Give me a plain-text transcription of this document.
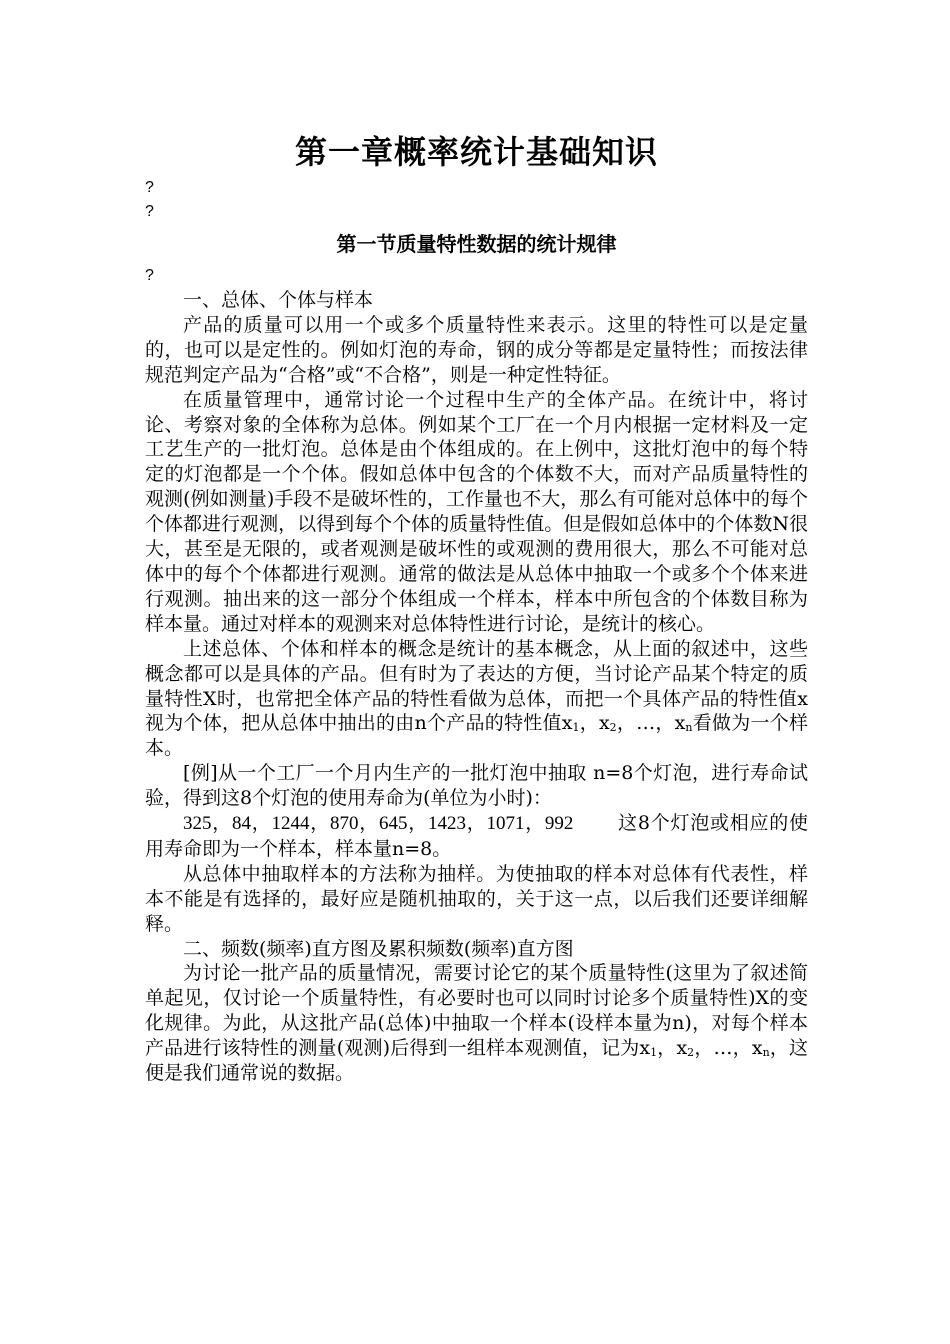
第一章概率统计基础知识

?

?

第一节质量特性数据的统计规律

?

一、总体、个体与样本

产品的质量可以用一个或多个质量特性来表示。这里的特性可以是定量的，也可以是定性的。例如灯泡的寿命，钢的成分等都是定量特性；而按法律规范判定产品为“合格”或“不合格”，则是一种定性特征。

在质量管理中，通常讨论一个过程中生产的全体产品。在统计中，将讨论、考察对象的全体称为总体。例如某个工厂在一个月内根据一定材料及一定工艺生产的一批灯泡。总体是由个体组成的。在上例中，这批灯泡中的每个特定的灯泡都是一个个体。假如总体中包含的个体数不大，而对产品质量特性的观测(例如测量)手段不是破坏性的，工作量也不大，那么有可能对总体中的每个个体都进行观测，以得到每个个体的质量特性值。但是假如总体中的个体数N很大，甚至是无限的，或者观测是破坏性的或观测的费用很大，那么不可能对总体中的每个个体都进行观测。通常的做法是从总体中抽取一个或多个个体来进行观测。抽出来的这一部分个体组成一个样本，样本中所包含的个体数目称为样本量。通过对样本的观测来对总体特性进行讨论，是统计的核心。

上述总体、个体和样本的概念是统计的基本概念，从上面的叙述中，这些概念都可以是具体的产品。但有时为了表达的方便，当讨论产品某个特定的质量特性X时，也常把全体产品的特性看做为总体，而把一个具体产品的特性值x视为个体，把从总体中抽出的由n个产品的特性值$x_1$，$x_2$，…，$x_n$看做为一个样本。

[例]从一个工厂一个月内生产的一批灯泡中抽取 n=8个灯泡，进行寿命试验，得到这8个灯泡的使用寿命为(单位为小时)：

325，84，1244，870，645，1423，1071，992 这8个灯泡或相应的使用寿命即为一个样本，样本量n=8。

从总体中抽取样本的方法称为抽样。为使抽取的样本对总体有代表性，样本不能是有选择的，最好应是随机抽取的，关于这一点，以后我们还要详细解释。

二、频数(频率)直方图及累积频数(频率)直方图

为讨论一批产品的质量情况，需要讨论它的某个质量特性(这里为了叙述简单起见，仅讨论一个质量特性，有必要时也可以同时讨论多个质量特性)X的变化规律。为此，从这批产品(总体)中抽取一个样本(设样本量为n)，对每个样本产品进行该特性的测量(观测)后得到一组样本观测值，记为$x_1$，$x_2$，…，$x_n$，这便是我们通常说的数据。
